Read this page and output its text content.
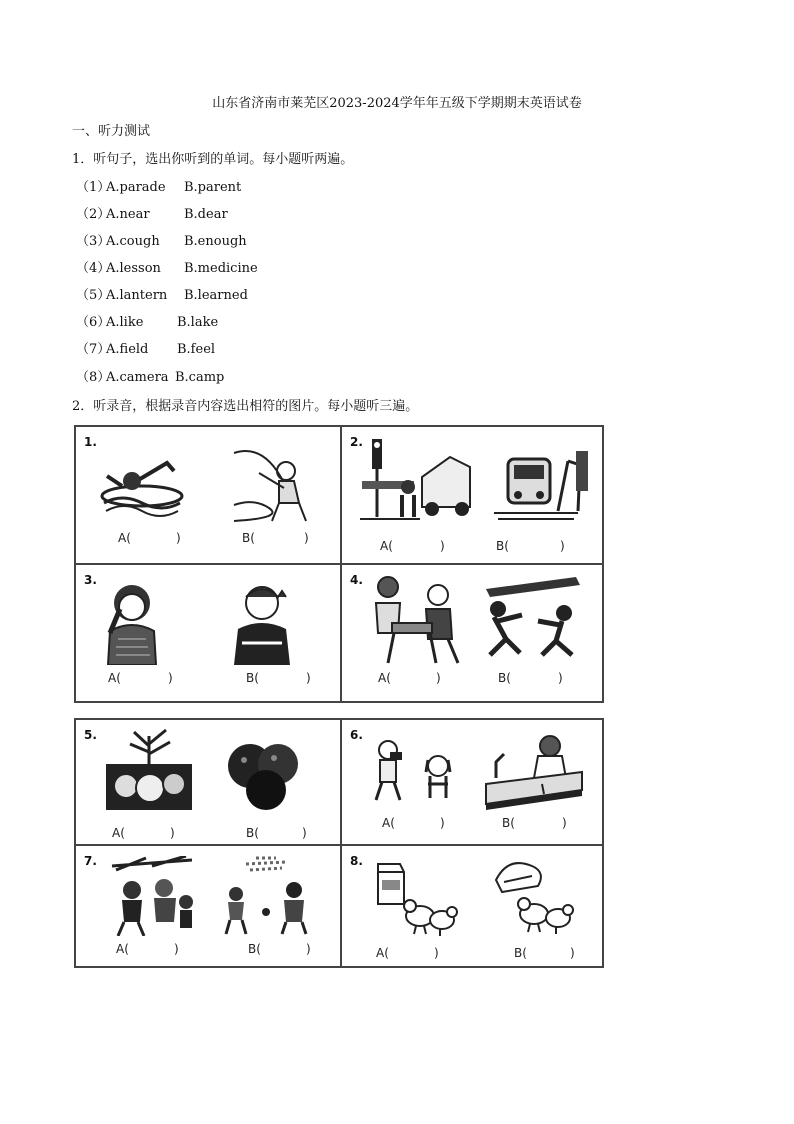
山东省济南市莱芜区2023-2024学年年五级下学期期末英语试卷
一、听力测试
1．听句子，选出你听到的单词。每小题听两遍。
（1）A.parade B.parent
（2）A.near	B.dear
（3）A.cough B.enough
（4）A.lesson B.medicine
（5）A.lantern B.learned
（6）A.like	B.lake
（7）A.field B.feel
（8）A.camera B.camp
2．听录音，根据录音内容选出相符的图片。每小题听三遍。
1.
A(	)	B(	)
2.
A(	)	B(	)
3.
A(	)	B(	)
4.
A(	)	B(	)
5.
A(	)	B(	)
6.
A(	)	B(	)
7.
A(	)	B(	)
8.
A(	)	B(	)
